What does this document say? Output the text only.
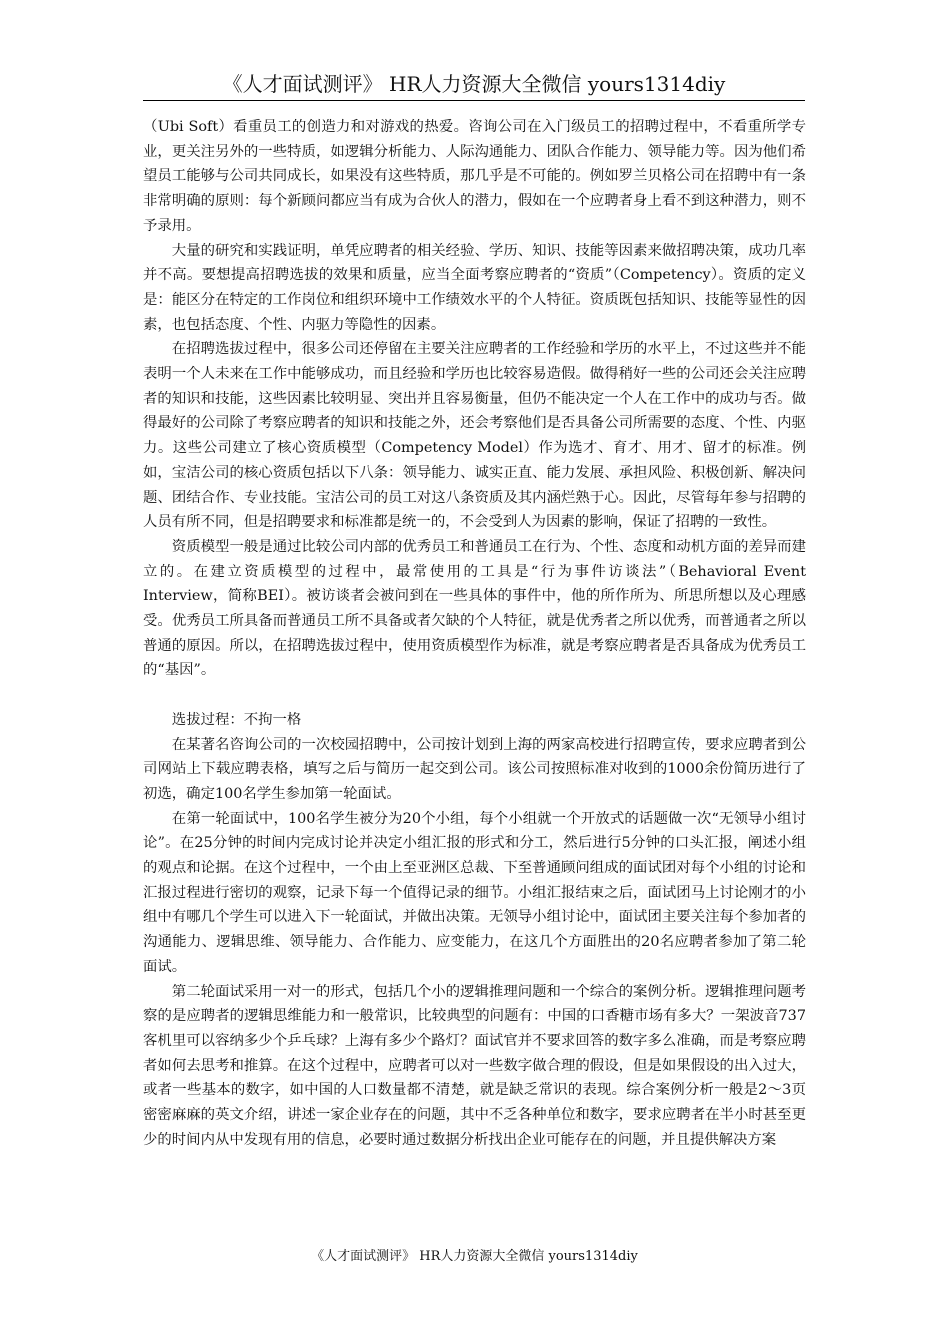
《人才面试测评》 HR人力资源大全微信 yours1314diy

（Ubi Soft）看重员工的创造力和对游戏的热爱。咨询公司在入门级员工的招聘过程中，不看重所学专业，更关注另外的一些特质，如逻辑分析能力、人际沟通能力、团队合作能力、领导能力等。因为他们希望员工能够与公司共同成长，如果没有这些特质，那几乎是不可能的。例如罗兰贝格公司在招聘中有一条非常明确的原则：每个新顾问都应当有成为合伙人的潜力，假如在一个应聘者身上看不到这种潜力，则不予录用。

大量的研究和实践证明，单凭应聘者的相关经验、学历、知识、技能等因素来做招聘决策，成功几率并不高。要想提高招聘选拔的效果和质量，应当全面考察应聘者的“资质”（Competency）。资质的定义是：能区分在特定的工作岗位和组织环境中工作绩效水平的个人特征。资质既包括知识、技能等显性的因素，也包括态度、个性、内驱力等隐性的因素。

在招聘选拔过程中，很多公司还停留在主要关注应聘者的工作经验和学历的水平上，不过这些并不能表明一个人未来在工作中能够成功，而且经验和学历也比较容易造假。做得稍好一些的公司还会关注应聘者的知识和技能，这些因素比较明显、突出并且容易衡量，但仍不能决定一个人在工作中的成功与否。做得最好的公司除了考察应聘者的知识和技能之外，还会考察他们是否具备公司所需要的态度、个性、内驱力。这些公司建立了核心资质模型（Competency Model）作为选才、育才、用才、留才的标准。例如，宝洁公司的核心资质包括以下八条：领导能力、诚实正直、能力发展、承担风险、积极创新、解决问题、团结合作、专业技能。宝洁公司的员工对这八条资质及其内涵烂熟于心。因此，尽管每年参与招聘的人员有所不同，但是招聘要求和标准都是统一的，不会受到人为因素的影响，保证了招聘的一致性。

资质模型一般是通过比较公司内部的优秀员工和普通员工在行为、个性、态度和动机方面的差异而建立的。在建立资质模型的过程中，最常使用的工具是“行为事件访谈法”（Behavioral Event Interview，简称BEI）。被访谈者会被问到在一些具体的事件中，他的所作所为、所思所想以及心理感受。优秀员工所具备而普通员工所不具备或者欠缺的个人特征，就是优秀者之所以优秀，而普通者之所以普通的原因。所以，在招聘选拔过程中，使用资质模型作为标准，就是考察应聘者是否具备成为优秀员工的“基因”。

选拔过程：不拘一格

在某著名咨询公司的一次校园招聘中，公司按计划到上海的两家高校进行招聘宣传，要求应聘者到公司网站上下载应聘表格，填写之后与简历一起交到公司。该公司按照标准对收到的1000余份简历进行了初选，确定100名学生参加第一轮面试。

在第一轮面试中，100名学生被分为20个小组，每个小组就一个开放式的话题做一次“无领导小组讨论”。在25分钟的时间内完成讨论并决定小组汇报的形式和分工，然后进行5分钟的口头汇报，阐述小组的观点和论据。在这个过程中，一个由上至亚洲区总裁、下至普通顾问组成的面试团对每个小组的讨论和汇报过程进行密切的观察，记录下每一个值得记录的细节。小组汇报结束之后，面试团马上讨论刚才的小组中有哪几个学生可以进入下一轮面试，并做出决策。无领导小组讨论中，面试团主要关注每个参加者的沟通能力、逻辑思维、领导能力、合作能力、应变能力，在这几个方面胜出的20名应聘者参加了第二轮面试。

第二轮面试采用一对一的形式，包括几个小的逻辑推理问题和一个综合的案例分析。逻辑推理问题考察的是应聘者的逻辑思维能力和一般常识，比较典型的问题有：中国的口香糖市场有多大？一架波音737客机里可以容纳多少个乒乓球？上海有多少个路灯？面试官并不要求回答的数字多么准确，而是考察应聘者如何去思考和推算。在这个过程中，应聘者可以对一些数字做合理的假设，但是如果假设的出入过大，或者一些基本的数字，如中国的人口数量都不清楚，就是缺乏常识的表现。综合案例分析一般是2～3页密密麻麻的英文介绍，讲述一家企业存在的问题，其中不乏各种单位和数字，要求应聘者在半小时甚至更少的时间内从中发现有用的信息，必要时通过数据分析找出企业可能存在的问题，并且提供解决方案

《人才面试测评》 HR人力资源大全微信 yours1314diy
